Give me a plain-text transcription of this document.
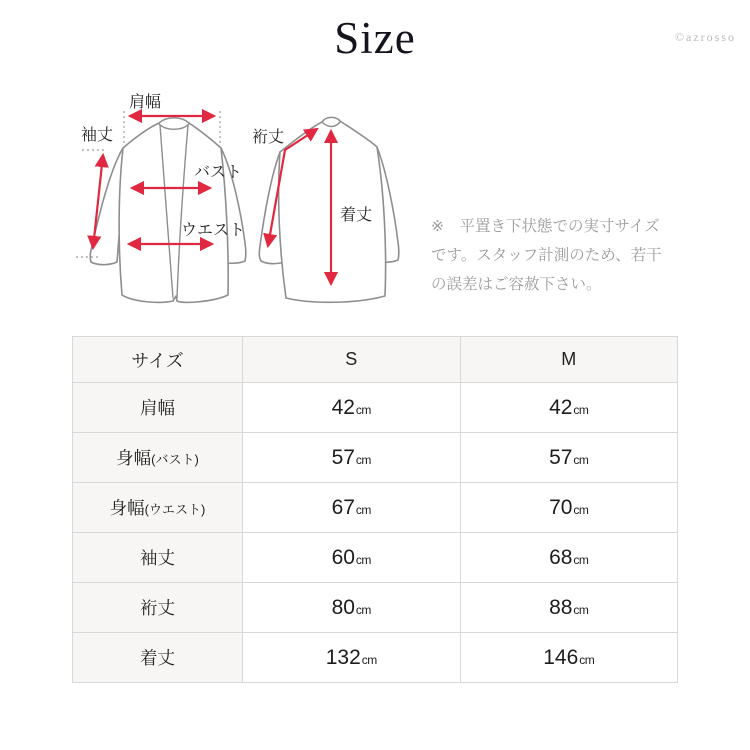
Size	©azrosso
肩幅
袖丈
バスト
ウエスト
裄丈
着丈

※　平置き下状態での実寸サイズ

です。スタッフ計測のため、若干

の誤差はご容赦下さい。

サイズ	S	M
肩幅	42cm	42cm
身幅(バスト)	57cm	57cm
身幅(ウエスト)	67cm	70cm
袖丈	60cm	68cm
裄丈	80cm	88cm
着丈	132cm	146cm
